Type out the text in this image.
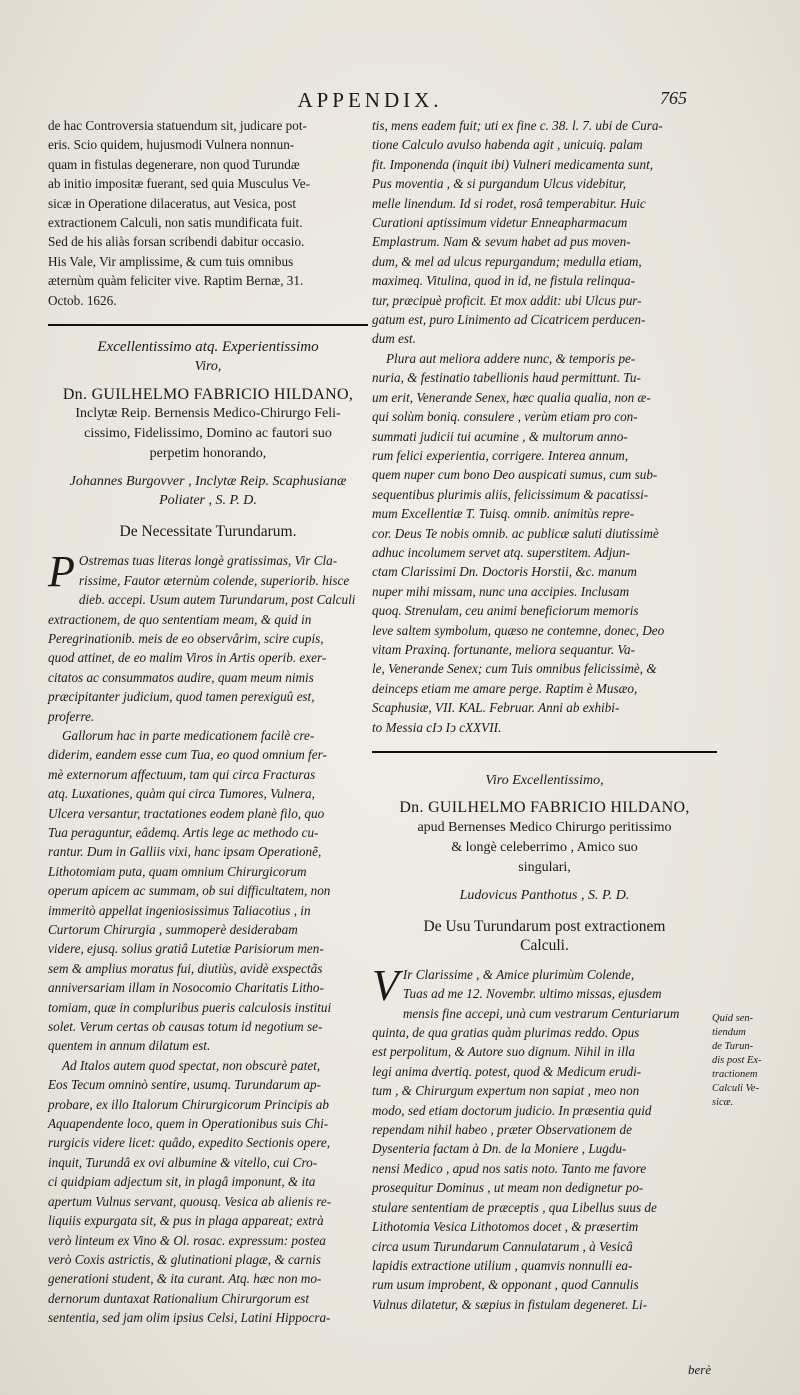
APPENDIX.	765
de hac Controversia statuendum sit, judicare pot-
eris. Scio quidem, hujusmodi Vulnera nonnun-
quam in fistulas degenerare, non quod Turundæ
ab initio impositæ fuerant, sed quia Musculus Ve-
sicæ in Operatione dilaceratus, aut Vesica, post
extractionem Calculi, non satis mundificata fuit.
Sed de his aliàs forsan scribendi dabitur occasio.
His Vale, Vir amplissime, & cum tuis omnibus
æternùm quàm feliciter vive. Raptim Bernæ, 31.
Octob. 1626.
Excellentissimo atq. Experientissimo
Viro,
Dn. GUILHELMO FABRICIO HILDANO,
Inclytæ Reip. Bernensis Medico-Chirurgo Feli-
cissimo, Fidelissimo, Domino ac fautori suo
perpetim honorando,
Johannes Burgovver , Inclytæ Reip. Scaphusianæ
Poliater , S. P. D.
De Necessitate Turundarum.
P Ostremas tuas literas longè gratissimas, Vir Cla-
rissime, Fautor æternùm colende, superiorib. hisce
dieb. accepi. Usum autem Turundarum, post Calculi
extractionem, de quo sententiam meam, & quid in
Peregrinationib. meis de eo observârim, scire cupis,
quod attinet, de eo malim Viros in Artis operib. exer-
citatos ac consummatos audire, quam meum nimis
præcipitanter judicium, quod tamen perexiguû est,
proferre.
Gallorum hac in parte medicationem facilè cre-
diderim, eandem esse cum Tua, eo quod omnium fer-
mè externorum affectuum, tam qui circa Fracturas
atq. Luxationes, quàm qui circa Tumores, Vulnera,
Ulcera versantur, tractationes eodem planè filo, quo
Tua peraguntur, eâdemq. Artis lege ac methodo cu-
rantur. Dum in Galliis vixi, hanc ipsam Operationẽ,
Lithotomiam puta, quam omnium Chirurgicorum
operum apicem ac summam, ob sui difficultatem, non
immeritò appellat ingeniosissimus Taliacotius , in
Curtorum Chirurgia , summoperè desiderabam
videre, ejusq. solius gratiâ Lutetiæ Parisiorum men-
sem & amplius moratus fui, diutiùs, avidè exspectãs
anniversariam illam in Nosocomio Charitatis Litho-
tomiam, quæ in compluribus pueris calculosis institui
solet. Verum certas ob causas totum id negotium se-
quentem in annum dilatum est.
Ad Italos autem quod spectat, non obscurè patet,
Eos Tecum omninò sentire, usumq. Turundarum ap-
probare, ex illo Italorum Chirurgicorum Principis ab
Aquapendente loco, quem in Operationibus suis Chi-
rurgicis videre licet: quâdo, expedito Sectionis opere,
inquit, Turundâ ex ovi albumine & vitello, cui Cro-
ci quidpiam adjectum sit, in plagâ imponunt, & ita
apertum Vulnus servant, quousq. Vesica ab alienis re-
liquiis expurgata sit, & pus in plaga appareat; extrà
verò linteum ex Vino & Ol. rosac. expressum: postea
verò Coxis astrictis, & glutinationi plagæ, & carnis
generationi student, & ita curant. Atq. hæc non mo-
dernorum duntaxat Rationalium Chirurgorum est
sententia, sed jam olim ipsius Celsi, Latini Hippocra-
tis, mens eadem fuit; uti ex fine c. 38. l. 7. ubi de Cura-
tione Calculo avulso habenda agit , unicuiq. palam
fit. Imponenda (inquit ibi) Vulneri medicamenta sunt,
Pus moventia , & si purgandum Ulcus videbitur,
melle linendum. Id si rodet, rosâ temperabitur. Huic
Curationi aptissimum videtur Enneapharmacum
Emplastrum. Nam & sevum habet ad pus moven-
dum, & mel ad ulcus repurgandum; medulla etiam,
maximeq. Vitulina, quod in id, ne fistula relinqua-
tur, præcipuè proficit. Et mox addit: ubi Ulcus pur-
gatum est, puro Linimento ad Cicatricem perducen-
dum est.
Plura aut meliora addere nunc, & temporis pe-
nuria, & festinatio tabellionis haud permittunt. Tu-
um erit, Venerande Senex, hæc qualia qualia, non æ-
qui solùm boniq. consulere , verùm etiam pro con-
summati judicii tui acumine , & multorum anno-
rum felici experientia, corrigere. Interea annum,
quem nuper cum bono Deo auspicati sumus, cum sub-
sequentibus plurimis aliis, felicissimum & pacatissi-
mum Excellentiæ T. Tuisq. omnib. animitùs repre-
cor. Deus Te nobis omnib. ac publicæ saluti diutissimè
adhuc incolumem servet atq. superstitem. Adjun-
ctam Clarissimi Dn. Doctoris Horstii, &c. manum
nuper mihi missam, nunc una accipies. Inclusam
quoq. Strenulam, ceu animi beneficiorum memoris
leve saltem symbolum, quæso ne contemne, donec, Deo
vitam Praxinq. fortunante, meliora sequantur. Va-
le, Venerande Senex; cum Tuis omnibus felicissimè, &
deinceps etiam me amare perge. Raptim è Musæo,
Scaphusiæ, VII. KAL. Februar. Anni ab exhibi-
to Messia cIↄ Iↄ cXXVII.
Viro Excellentissimo,
Dn. GUILHELMO FABRICIO HILDANO,
apud Bernenses Medico Chirurgo peritissimo
& longè celeberrimo , Amico suo
singulari,
Ludovicus Panthotus , S. P. D.
De Usu Turundarum post extractionem
Calculi.
V Ir Clarissime , & Amice plurimùm Colende,
Tuas ad me 12. Novembr. ultimo missas, ejusdem
mensis fine accepi, unà cum vestrarum Centuriarum
quinta, de qua gratias quàm plurimas reddo. Opus
est perpolitum, & Autore suo dignum. Nihil in illa
legi anima dvertiq. potest, quod & Medicum erudi-
tum , & Chirurgum expertum non sapiat , meo non
modo, sed etiam doctorum judicio. In præsentia quid
rependam nihil habeo , præter Observationem de
Dysenteria factam à Dn. de la Moniere , Lugdu-
nensi Medico , apud nos satis noto. Tanto me favore
prosequitur Dominus , ut meam non dedignetur po-
stulare sententiam de præceptis , qua Libellus suus de
Lithotomia Vesica Lithotomos docet , & præsertim
circa usum Turundarum Cannulatarum , à Vesicâ
lapidis extractione utilium , quamvis nonnulli ea-
rum usum improbent, & opponant , quod Cannulis
Vulnus dilatetur, & sæpius in fistulam degeneret. Li-
Quid sen-
tiendum
de Turun-
dis post Ex-
tractionem
Calculi Ve-
sicæ.
berè
